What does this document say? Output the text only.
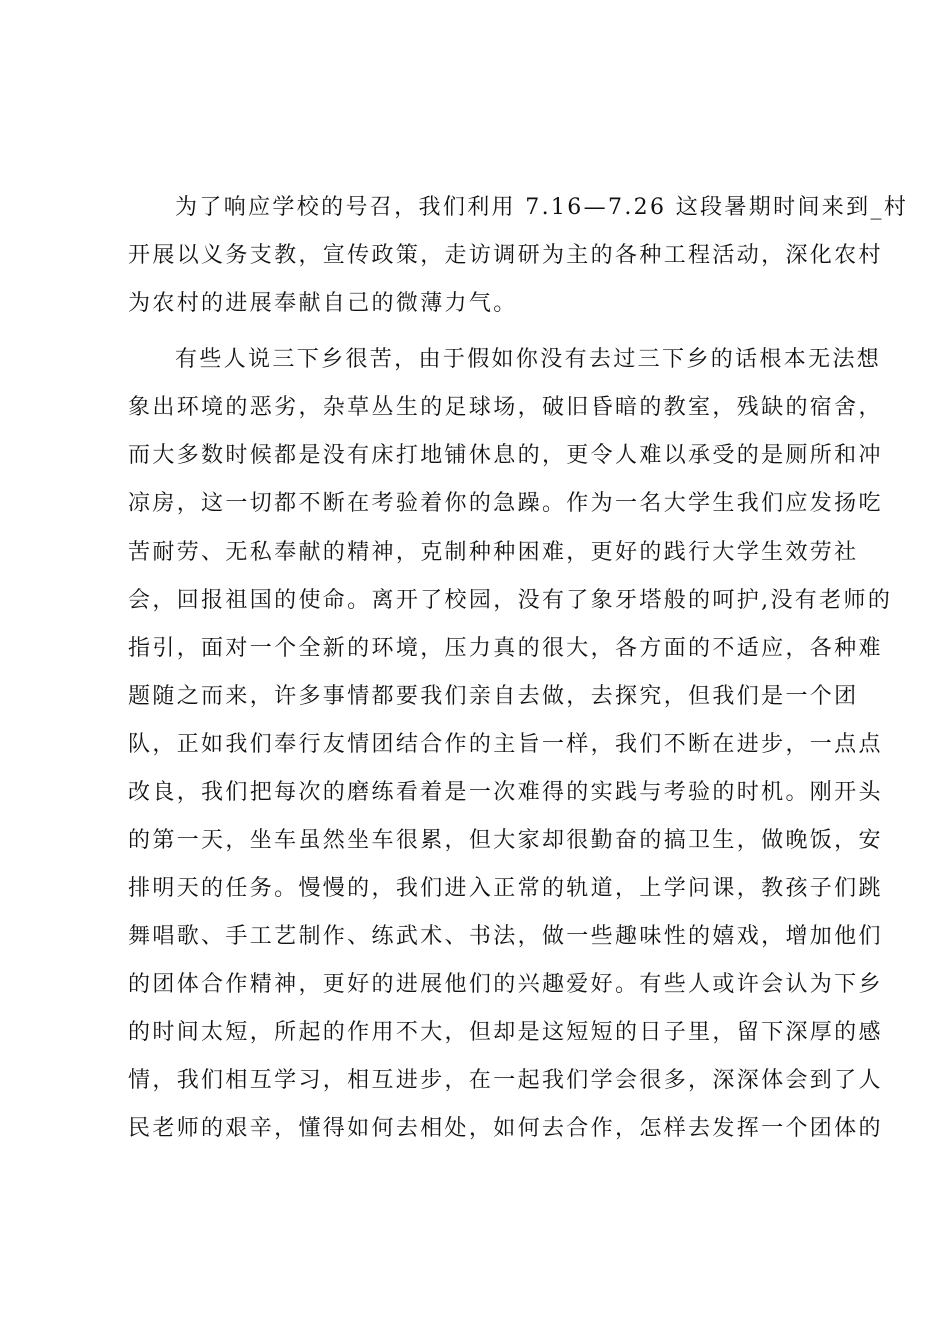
为了响应学校的号召，我们利用 7.16—7.26 这段暑期时间来到_村
开展以义务支教，宣传政策，走访调研为主的各种工程活动，深化农村
为农村的进展奉献自己的微薄力气。
有些人说三下乡很苦，由于假如你没有去过三下乡的话根本无法想
象出环境的恶劣，杂草丛生的足球场，破旧昏暗的教室，残缺的宿舍，
而大多数时候都是没有床打地铺休息的，更令人难以承受的是厕所和冲
凉房，这一切都不断在考验着你的急躁。作为一名大学生我们应发扬吃
苦耐劳、无私奉献的精神，克制种种困难，更好的践行大学生效劳社
会，回报祖国的使命。离开了校园，没有了象牙塔般的呵护,没有老师的
指引，面对一个全新的环境，压力真的很大，各方面的不适应，各种难
题随之而来，许多事情都要我们亲自去做，去探究，但我们是一个团
队，正如我们奉行友情团结合作的主旨一样，我们不断在进步，一点点
改良，我们把每次的磨练看着是一次难得的实践与考验的时机。刚开头
的第一天，坐车虽然坐车很累，但大家却很勤奋的搞卫生，做晚饭，安
排明天的任务。慢慢的，我们进入正常的轨道，上学问课，教孩子们跳
舞唱歌、手工艺制作、练武术、书法，做一些趣味性的嬉戏，增加他们
的团体合作精神，更好的进展他们的兴趣爱好。有些人或许会认为下乡
的时间太短，所起的作用不大，但却是这短短的日子里，留下深厚的感
情，我们相互学习，相互进步，在一起我们学会很多，深深体会到了人
民老师的艰辛，懂得如何去相处，如何去合作，怎样去发挥一个团体的
